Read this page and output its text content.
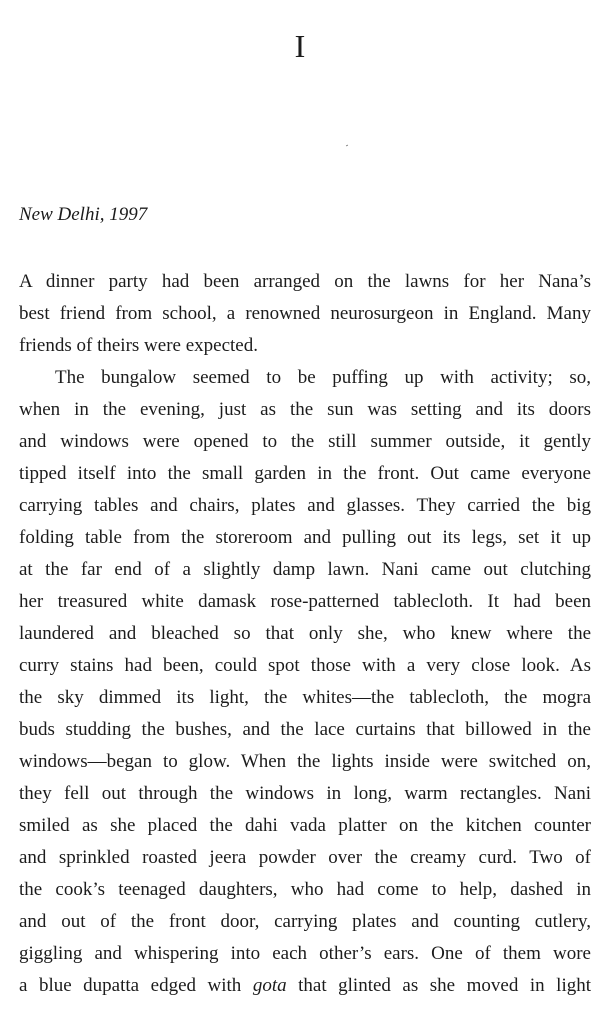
I

New Delhi, 1997

A dinner party had been arranged on the lawns for her Nana’s
best friend from school, a renowned neurosurgeon in England. Many
friends of theirs were expected.

The bungalow seemed to be puffing up with activity; so,
when in the evening, just as the sun was setting and its doors
and windows were opened to the still summer outside, it gently
tipped itself into the small garden in the front. Out came everyone
carrying tables and chairs, plates and glasses. They carried the big
folding table from the storeroom and pulling out its legs, set it up
at the far end of a slightly damp lawn. Nani came out clutching
her treasured white damask rose-patterned tablecloth. It had been
laundered and bleached so that only she, who knew where the
curry stains had been, could spot those with a very close look. As
the sky dimmed its light, the whites—the tablecloth, the mogra
buds studding the bushes, and the lace curtains that billowed in the
windows—began to glow. When the lights inside were switched on,
they fell out through the windows in long, warm rectangles. Nani
smiled as she placed the dahi vada platter on the kitchen counter
and sprinkled roasted jeera powder over the creamy curd. Two of
the cook’s teenaged daughters, who had come to help, dashed in
and out of the front door, carrying plates and counting cutlery,
giggling and whispering into each other’s ears. One of them wore
a blue dupatta edged with gota that glinted as she moved in light
